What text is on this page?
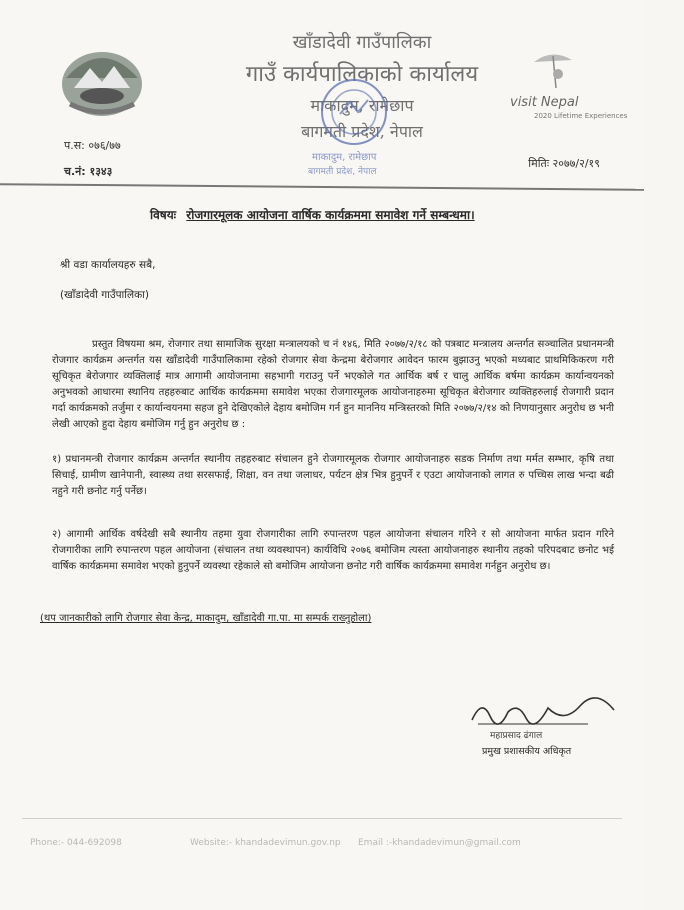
खाँडादेवी गाउँपालिका
गाउँ कार्यपालिकाको कार्यालय
माकादुम, रामेछाप
बागमती प्रदेश, नेपाल
माकादुम, रामेछाप
बागमती प्रदेश, नेपाल
visit Nepal
2020 Lifetime Experiences
प.स: ०७६/७७
च.नं: १३४३
मितिः २०७७/२/१९
विषयः रोजगारमूलक आयोजना वार्षिक कार्यक्रममा समावेश गर्ने सम्बन्धमा।
श्री वडा कार्यालयहरु सबै,
(खाँडादेवी गाउँपालिका)
प्रस्तुत विषयमा श्रम, रोजगार तथा सामाजिक सुरक्षा मन्त्रालयको च नं १४६, मिति २०७७/२/१८ को पत्रबाट मन्त्रालय अन्तर्गत सञ्चालित प्रधानमन्त्री रोजगार कार्यक्रम अन्तर्गत यस खाँडादेवी गाउँपालिकामा रहेको रोजगार सेवा केन्द्रमा बेरोजगार आवेदन फारम बुझाउनु भएको मध्यबाट प्राथमिकिकरण गरी सूचिकृत बेरोजगार व्यक्तिलाई मात्र आगामी आयोजनामा सहभागी गराउनु पर्ने भएकोले गत आर्थिक बर्ष र चालु आर्थिक बर्षमा कार्यक्रम कार्यान्वयनको अनुभवको आधारमा स्थानिय तहहरुबाट आर्थिक कार्यक्रममा समावेश भएका रोजगारमूलक आयोजनाहरुमा सूचिकृत बेरोजगार व्यक्तिहरुलाई रोजगारी प्रदान गर्दा कार्यक्रमको तर्जुमा र कार्यान्वयनमा सहज हुने देखिएकोले देहाय बमोजिम गर्न हुन माननिय मन्त्रिस्तरको मिति २०७७/२/१४ को निणयानुसार अनुरोध छ भनी लेखी आएको हुदा देहाय बमोजिम गर्नु हुन अनुरोध छ :
१) प्रधानमन्त्री रोजगार कार्यक्रम अन्तर्गत स्थानीय तहहरुबाट संचालन हुने रोजगारमूलक रोजगार आयोजनाहरु सडक निर्माण तथा मर्मत सम्भार, कृषि तथा सिचाई, ग्रामीण खानेपानी, स्वास्थ्य तथा सरसफाई, शिक्षा, वन तथा जलाधर, पर्यटन क्षेत्र भित्र हुनुपर्ने र एउटा आयोजनाको लागत रु पच्चिस लाख भन्दा बढी नहुने गरी छनोट गर्नु पर्नेछ।
२) आगामी आर्थिक वर्षदेखी सबै स्थानीय तहमा युवा रोजगारीका लागि रुपान्तरण पहल आयोजना संचालन गरिने र सो आयोजना मार्फत प्रदान गरिने रोजगारीका लागि रुपान्तरण पहल आयोजना (संचालन तथा व्यवस्थापन) कार्यविधि २०७६ बमोजिम त्यस्ता आयोजनाहरु स्थानीय तहको परिपदबाट छनोट भई वार्षिक कार्यक्रममा समावेश भएको हुनुपर्ने व्यवस्था रहेकाले सो बमोजिम आयोजना छनोट गरी वार्षिक कार्यक्रममा समावेश गर्नहुन अनुरोध छ।
(थप जानकारीको लागि रोजगार सेवा केन्द्र, माकादुम, खाँडादेवी गा.पा. मा सम्पर्क राख्नुहोला)
महाप्रसाद ढंगाल
प्रमुख प्रशासकीय अधिकृत
Phone:- 044-692098	Website:- khandadevimun.gov.np Email :-khandadevimun@gmail.com
